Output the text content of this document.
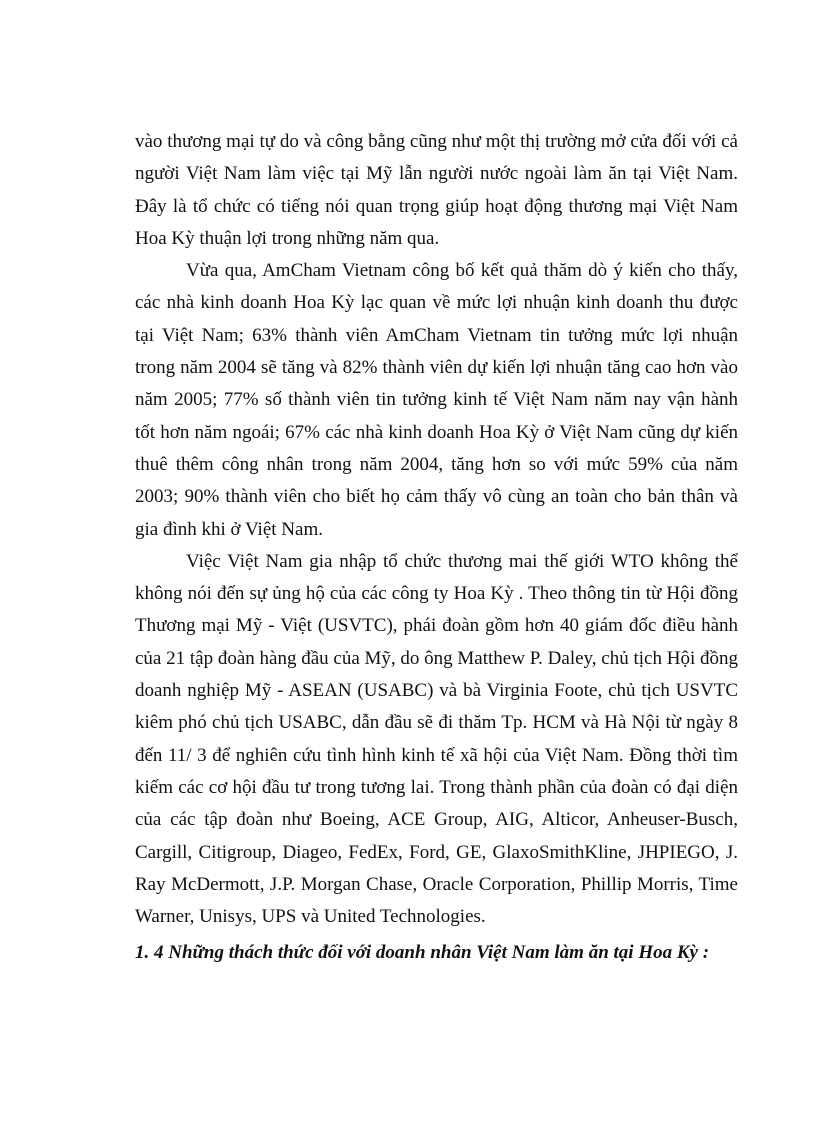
vào thương mại tự do và công bằng cũng như một thị trường mở cửa đối với cả người Việt Nam làm việc tại Mỹ lẫn người nước ngoài làm ăn tại Việt Nam. Đây là tổ chức có tiếng nói quan trọng giúp hoạt động thương mại Việt Nam Hoa Kỳ thuận lợi trong những năm qua.

Vừa qua, AmCham Vietnam công bố kết quả thăm dò ý kiến cho thấy, các nhà kinh doanh Hoa Kỳ lạc quan về mức lợi nhuận kinh doanh thu được tại Việt Nam; 63% thành viên AmCham Vietnam tin tưởng mức lợi nhuận trong năm 2004 sẽ tăng và 82% thành viên dự kiến lợi nhuận tăng cao hơn vào năm 2005; 77% số thành viên tin tưởng kinh tế Việt Nam năm nay vận hành tốt hơn năm ngoái; 67% các nhà kinh doanh Hoa Kỳ ở Việt Nam cũng dự kiến thuê thêm công nhân trong năm 2004, tăng hơn so với mức 59% của năm 2003; 90% thành viên cho biết họ cảm thấy vô cùng an toàn cho bản thân và gia đình khi ở Việt Nam.

Việc Việt Nam gia nhập tổ chức thương mai thế giới WTO không thể không nói đến sự ủng hộ của các công ty Hoa Kỳ . Theo thông tin từ Hội đồng Thương mại Mỹ - Việt (USVTC), phái đoàn gồm hơn 40 giám đốc điều hành của 21 tập đoàn hàng đầu của Mỹ, do ông Matthew P. Daley, chủ tịch Hội đồng doanh nghiệp Mỹ - ASEAN (USABC) và bà Virginia Foote, chủ tịch USVTC kiêm phó chủ tịch USABC, dẫn đầu sẽ đi thăm Tp. HCM và Hà Nội từ ngày 8 đến 11/ 3 để nghiên cứu tình hình kinh tế xã hội của Việt Nam. Đồng thời tìm kiếm các cơ hội đầu tư trong tương lai. Trong thành phần của đoàn có đại diện của các tập đoàn như Boeing, ACE Group, AIG, Alticor, Anheuser-Busch, Cargill, Citigroup, Diageo, FedEx, Ford, GE, GlaxoSmithKline, JHPIEGO, J. Ray McDermott, J.P. Morgan Chase, Oracle Corporation, Phillip Morris, Time Warner, Unisys, UPS và United Technologies.

1. 4 Những thách thức đối với doanh nhân Việt Nam làm ăn tại Hoa Kỳ :
